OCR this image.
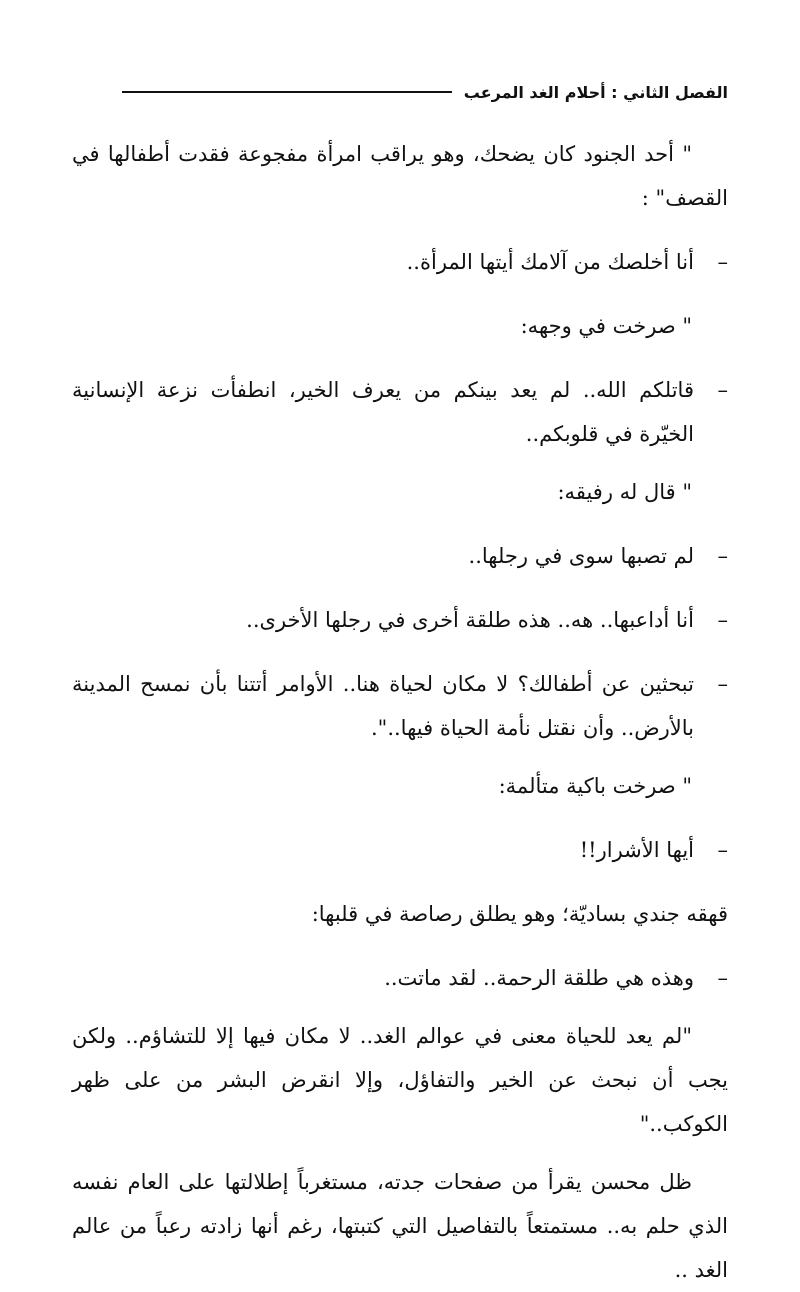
الفصل الثاني : أحلام الغد المرعب

" أحد الجنود كان يضحك، وهو يراقب امرأة مفجوعة فقدت أطفالها في القصف" :

–
أنا أخلصك من آلامك أيتها المرأة..

" صرخت في وجهه:

–
قاتلكم الله.. لم يعد بينكم من يعرف الخير، انطفأت نزعة الإنسانية الخيّرة في قلوبكم..

" قال له رفيقه:

–
لم تصبها سوى في رجلها..
–
أنا أداعبها.. هه.. هذه طلقة أخرى في رجلها الأخرى..
–
تبحثين عن أطفالك؟ لا مكان لحياة هنا.. الأوامر أتتنا بأن نمسح المدينة بالأرض.. وأن نقتل نأمة الحياة فيها..".

" صرخت باكية متألمة:

–
أيها الأشرار!!

قهقه جندي بساديّة؛ وهو يطلق رصاصة في قلبها:

–
وهذه هي طلقة الرحمة.. لقد ماتت..

"لم يعد للحياة معنى في عوالم الغد.. لا مكان فيها إلا للتشاؤم.. ولكن يجب أن نبحث عن الخير والتفاؤل، وإلا انقرض البشر من على ظهر الكوكب.."

ظل محسن يقرأ من صفحات جدته، مستغرباً إطلالتها على العام نفسه الذي حلم به.. مستمتعاً بالتفاصيل التي كتبتها، رغم أنها زادته رعباً من عالم الغد ..
